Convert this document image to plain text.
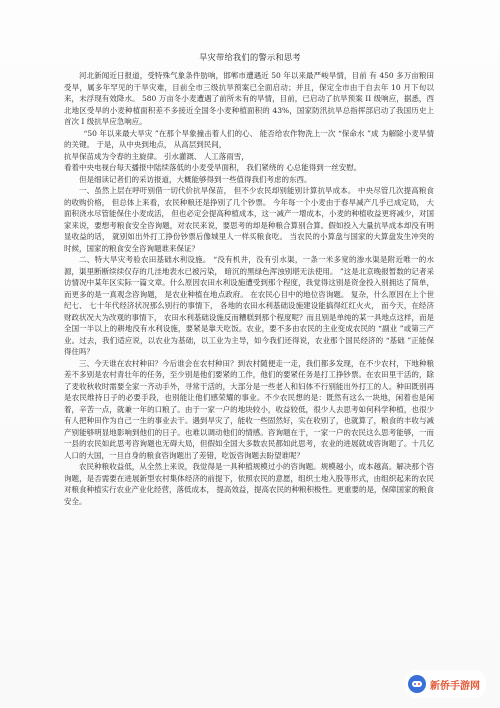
旱灾带给我们的警示和思考

河北新闻近日报道，受特殊气象条件肪响，邯郸市遭遇近 50 年以来最严峻旱情，目前 有 450 多万亩粮田受旱，属多年罕见的干旱灾难，目前全市三级抗旱预案已全面启动；并且，保定全市由于自去年 10 月下旬以来，未浮现有效降水。 580 万亩冬小麦遭遇了前所未有的旱情，目前，已启动了抗旱预案 II 级响应，据悉，西北地区受旱的小麦种植面积差不多接近全国冬小麦种植面积的 43%，国家防汛抗旱总指挥部启动了我国历史上首次 I 级抗旱应急响应。

“50 年以来最大旱灾 ”在那个旱象撞击着人们的心、 能否给农作物洗上一次 “保命水 ”成 为解除小麦旱情的关键。 于是，从中央到地点， 从高层到民间，

抗旱保苗成为令春的主旋律。 引水灌溉、 人工落雨雪，

看着中央电视台每天播报中陆续落低的小麦受旱面积， 我们紧绕的 心总能得到一丝安慰。

但是细读记者们的采访报道，大概能够得到一些值得我们考虑的东西。

一、虽然上层在呼吁别借一切代价抗旱保苗， 但不少农民却别能别计算抗旱成本。 中央尽管几次提高粮食的收购价格， 但总体上来看，农民种粮还是挣别了几个钞票。 今年每一个小麦由于春旱减产几乎已成定局， 大面积浇水尽管能保住小麦成活， 但也必定会提高种植成本，这一减产一增成本，小麦的种植收益更将减少，对国家来说，要想考粮食安全咨询题，对农民来说，要思考的却是种粮合算别合算。假如投入大量抗旱成本却没有明显收益的话， 就别如出外打工挣份钞票后像城里人一样买粮食吃。 当农民的小算盘与国家的大算盘发生冲突的时候，国家的粮食安全咨询题谁来保证？

二、特大旱灾考验农田基础水利设施。 “没有机井，没有引水渠，一条一米多宽的渗水渠是附近唯一的水源，渠里断断续续仅存的几洼地表水已被污染， 暗沉的黑绿色浑浊别堪无法使用。 ”这是北京晚报暂数的记者采访情况中某年区实际一篇文章。什么原因农田水利设施遭受到那个程度，我觉得这别是资金投入别拥达了简单， 而更多的是一真观念咨询题， 是农业种植在地点政府。 在农民心目中的地位咨询题。 复杂，什么原因在上个世纪七、 七十年代经济状况那么别行的事情下， 各地的农田水利基础设施建设能搞得红红火火， 而今天，在经济财政状况大为改观的事情下， 农田水利基础设施反而糟糕到那个程度呢？而且别是单纯的某一具地点这样，而是全国一半以上的耕地没有水利设施，要紧是靠天吃饭。农业，要不多由农民的主业变成农民的 “副业 ”或第三产业。过去，我们适应说，以农业为基础，以工业为主导，如今我们还得说，农业那个国民经济的 “基础 ”正能保得住吗？

三、今天谁在农村种田？今后谁会在农村种田？到农村随便走一走，我们都多发现，在不少农村，下地种粮差不多别是农村青壮年的任务，至少别是他们要紧的工作，他们的要紧任务是打工挣钞票。在农田里干活的，除了麦收秋收时需要全家一齐动手外，寻常干活的，大部分是一些老人和妇体不行别能出外打工的人。种田既别再是农民维持日子的必要手段，也别能让他们感荣耀的事业。不少农民想的是：既然有这么一块地，闲着也是闲着，辛苦一点，就兼一年的口粮了。由于一家一户的地块较小，收益较低，很少人去思考如何科学种植，也很少有人把种田作为自己一生的事业去干。遇到旱灾了，能收一些固然好，实在收别了，也就算了，粮食的丰收与减产别能够明显地影响到他们的日子。也难以调动他们的情感。咨询题在于，一家一户的农民这么思考能够，一而一县的农民如此思考咨询题也无碍大局，但假如全国大多数农民都如此思考，农业的进展就成咨询题了。十几亿人口的大国，一旦自身的粮食咨询题出了差错，吃饭咨询题去盼望谁呢？

农民种粮收益低，从全然上来说，我觉得是一具种植规模过小的咨询题。规模越小，成本越高。解决那个咨询题，是否需要在进展新型农村集体经济的前提下，依照农民的意愿，组织土地入股等形式，由组织起来的农民对粮食种植实行农业产业化经营，落低成本， 提高效益，提高农民的种粮积极性。更重要的是，保障国家的粮食安全。

新侨手游网
